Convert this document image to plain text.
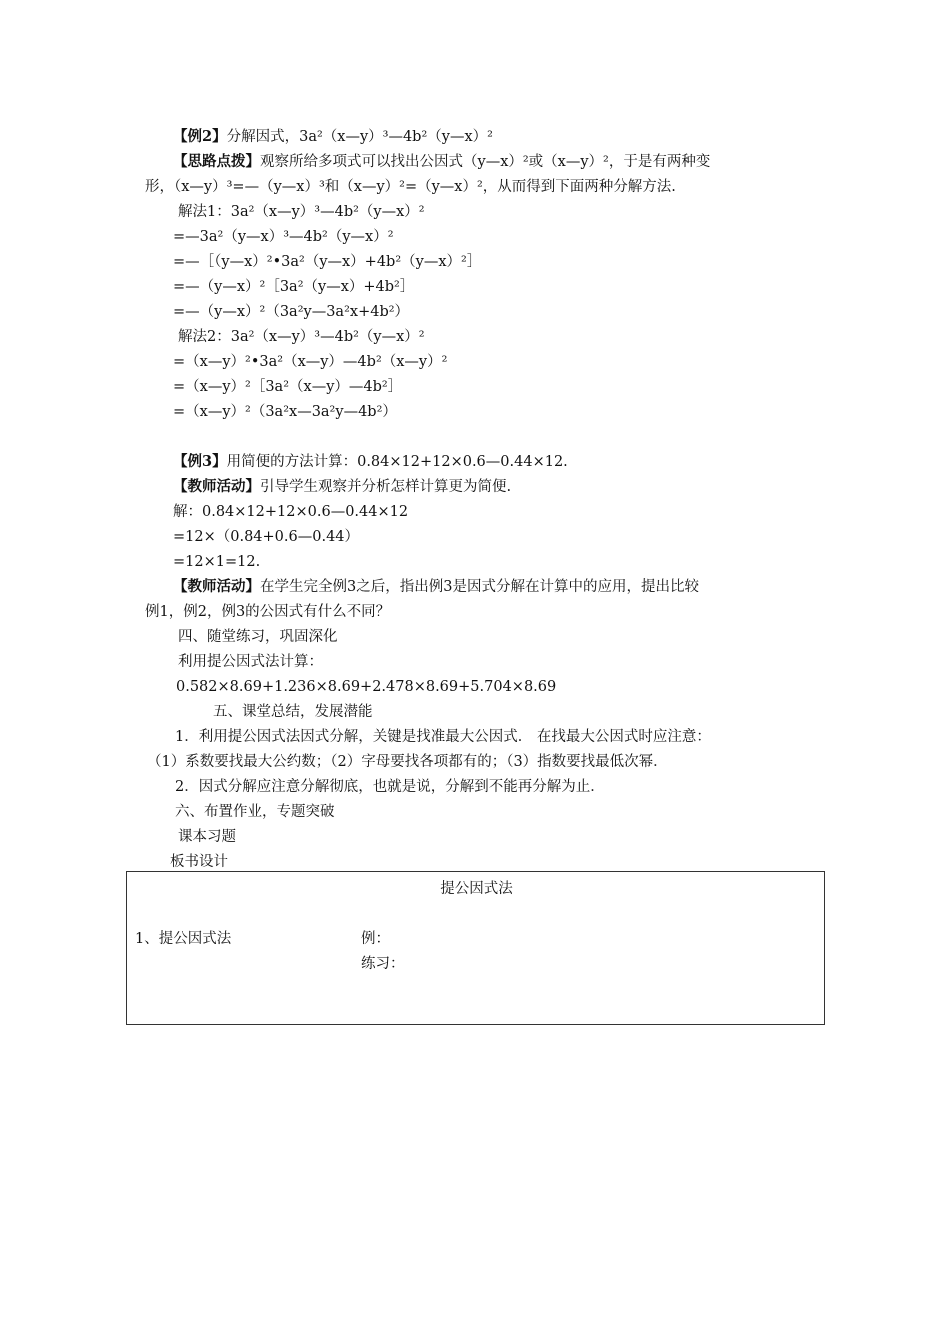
【例2】分解因式，3a²（x—y）³—4b²（y—x）²
【思路点拨】观察所给多项式可以找出公因式（y—x）²或（x—y）²，于是有两种变
形，（x—y）³=—（y—x）³和（x—y）²=（y—x）²，从而得到下面两种分解方法.
解法1：3a²（x—y）³—4b²（y—x）²
=—3a²（y—x）³—4b²（y—x）²
=—［（y—x）²•3a²（y—x）+4b²（y—x）²］
=—（y—x）²［3a²（y—x）+4b²］
=—（y—x）²（3a²y—3a²x+4b²）
解法2：3a²（x—y）³—4b²（y—x）²
=（x—y）²•3a²（x—y）—4b²（x—y）²
=（x—y）²［3a²（x—y）—4b²］
=（x—y）²（3a²x—3a²y—4b²）
【例3】用简便的方法计算：0.84×12+12×0.6—0.44×12.
【教师活动】引导学生观察并分析怎样计算更为简便.
解：0.84×12+12×0.6—0.44×12
=12×（0.84+0.6—0.44）
=12×1=12.
【教师活动】在学生完全例3之后，指出例3是因式分解在计算中的应用，提出比较
例1，例2，例3的公因式有什么不同？
四、随堂练习，巩固深化
利用提公因式法计算：
0.582×8.69+1.236×8.69+2.478×8.69+5.704×8.69
五、课堂总结，发展潜能
1．利用提公因式法因式分解，关键是找准最大公因式． 在找最大公因式时应注意：
（1）系数要找最大公约数；（2）字母要找各项都有的；（3）指数要找最低次幂．
2．因式分解应注意分解彻底，也就是说，分解到不能再分解为止．
六、布置作业，专题突破
课本习题
板书设计
提公因式法
1、提公因式法	例：
练习：
